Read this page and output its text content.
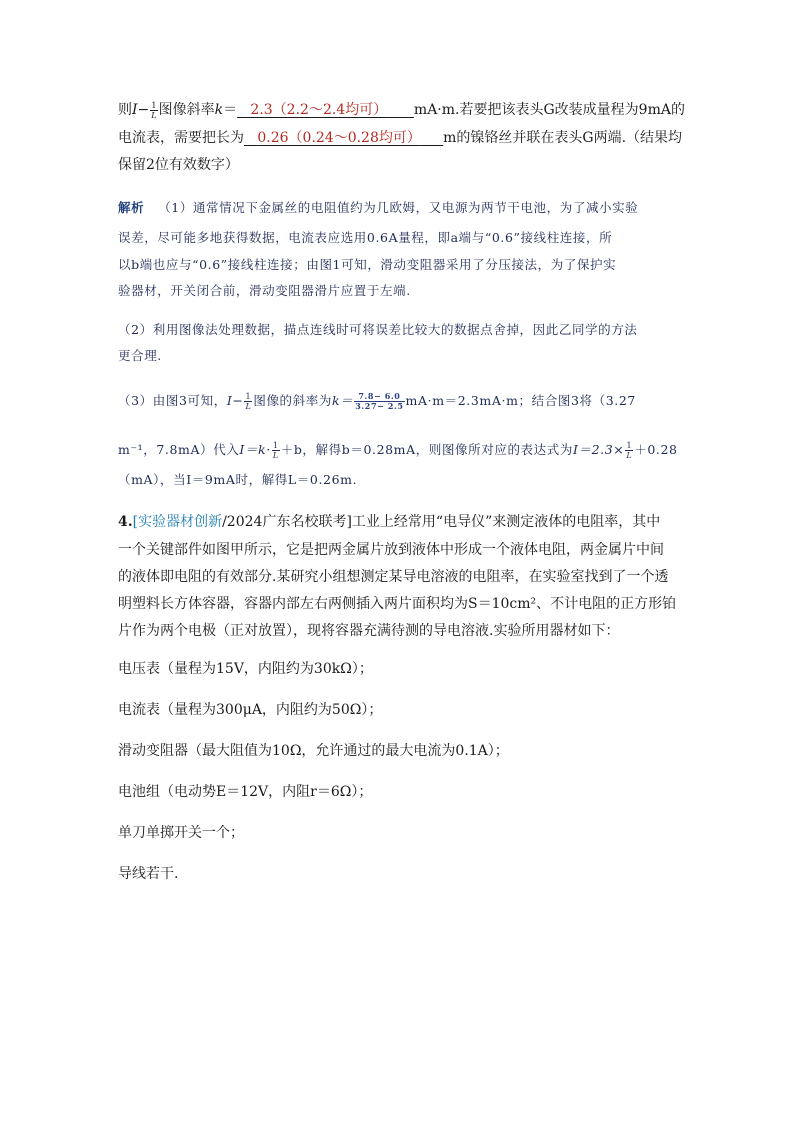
则$I- \frac{1}{L}$ 图像斜率k＝ 2.3（2.2～2.4均可） mA·m.若要把该表头G改装成量程为9mA的
电流表，需要把长为 0.26（0.24～0.28均可） m的镍铬丝并联在表头G两端.（结果均
保留2位有效数字）
解析 （1）通常情况下金属丝的电阻值约为几欧姆，又电源为两节干电池，为了减小实验
误差，尽可能多地获得数据，电流表应选用0.6A量程，即a端与“0.6”接线柱连接，所
以b端也应与“0.6”接线柱连接；由图1可知，滑动变阻器采用了分压接法，为了保护实
验器材，开关闭合前，滑动变阻器滑片应置于左端.
（2）利用图像法处理数据，描点连线时可将误差比较大的数据点舍掉，因此乙同学的方法
更合理.
（3）由图3可知，$I- \frac{1}{L}$ 图像的斜率为$k= \frac{7.8- 6.0}{3.27- 2.5} mA\cdot m=2.3mA\cdot m$；结合图3将（3.27
m⁻¹，7.8mA）代入$I=k\cdot \frac{1}{L} +b$，解得b＝0.28mA，则图像所对应的表达式为$I=2.3\times \frac{1}{L} +0.28$
（mA），当I＝9mA时，解得L＝0.26m.
4.[实验器材创新/2024广东名校联考]工业上经常用“电导仪”来测定液体的电阻率，其中
一个关键部件如图甲所示，它是把两金属片放到液体中形成一个液体电阻，两金属片中间
的液体即电阻的有效部分.某研究小组想测定某导电溶液的电阻率，在实验室找到了一个透
明塑料长方体容器，容器内部左右两侧插入两片面积均为S＝10cm²、不计电阻的正方形铂
片作为两个电极（正对放置），现将容器充满待测的导电溶液.实验所用器材如下：
电压表（量程为15V，内阻约为30kΩ）；
电流表（量程为300μA，内阻约为50Ω）；
滑动变阻器（最大阻值为10Ω，允许通过的最大电流为0.1A）；
电池组（电动势E＝12V，内阻r＝6Ω）；
单刀单掷开关一个；
导线若干.
